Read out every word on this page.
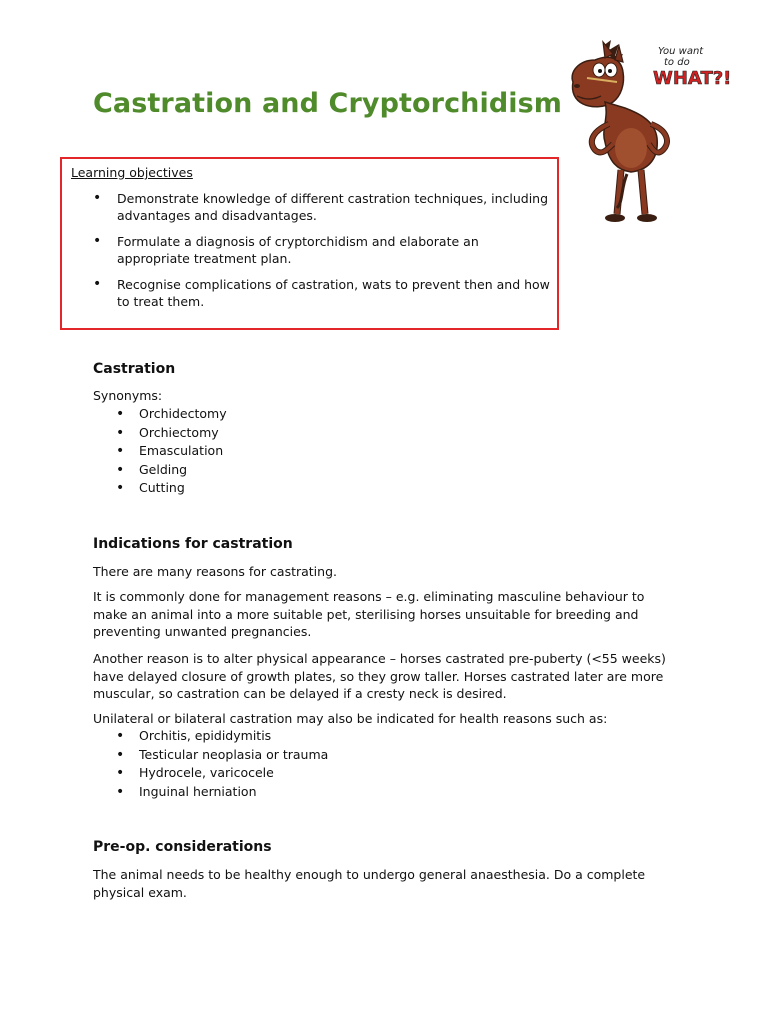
Castration and Cryptorchidism
You want
to do
WHAT?!
Learning objectives
• Demonstrate knowledge of different castration techniques, including advantages and disadvantages.
• Formulate a diagnosis of cryptorchidism and elaborate an appropriate treatment plan.
• Recognise complications of castration, wats to prevent then and how to treat them.
Castration

Synonyms:

• Orchidectomy
• Orchiectomy
• Emasculation
• Gelding
• Cutting
Indications for castration

There are many reasons for castrating.

It is commonly done for management reasons – e.g. eliminating masculine behaviour to make an animal into a more suitable pet, sterilising horses unsuitable for breeding and preventing unwanted pregnancies.

Another reason is to alter physical appearance – horses castrated pre-puberty (<55 weeks) have delayed closure of growth plates, so they grow taller. Horses castrated later are more muscular, so castration can be delayed if a cresty neck is desired.

Unilateral or bilateral castration may also be indicated for health reasons such as:

• Orchitis, epididymitis
• Testicular neoplasia or trauma
• Hydrocele, varicocele
• Inguinal herniation
Pre-op. considerations

The animal needs to be healthy enough to undergo general anaesthesia. Do a complete physical exam.
